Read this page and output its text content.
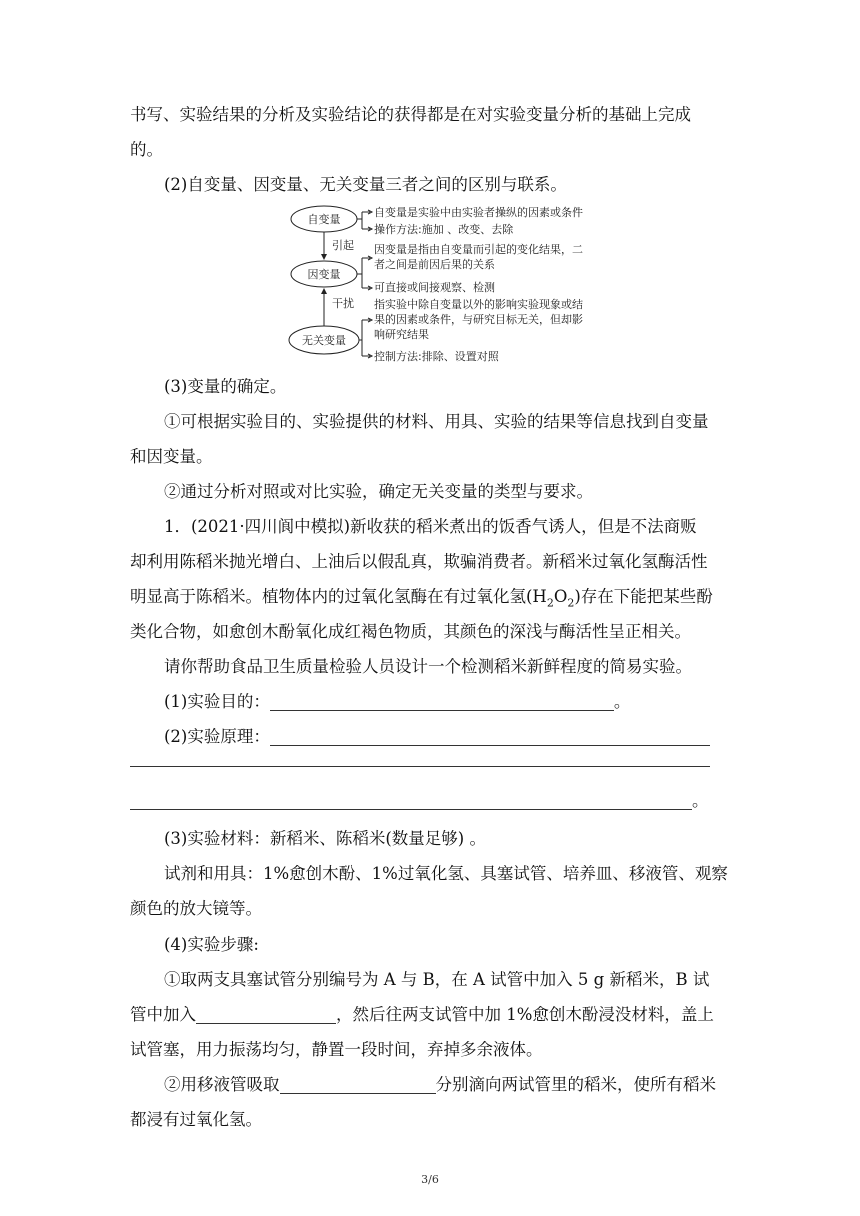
书写、实验结果的分析及实验结论的获得都是在对实验变量分析的基础上完成

的。

(2)自变量、因变量、无关变量三者之间的区别与联系。

自变量
因变量
无关变量
引起
干扰
自变量是实验中由实验者操纵的因素或条件
操作方法:施加 、改变、去除
因变量是指由自变量而引起的变化结果，二
者之间是前因后果的关系
可直接或间接观察、检测
指实验中除自变量以外的影响实验现象或结
果的因素或条件，与研究目标无关，但却影
响研究结果
控制方法:排除、设置对照

(3)变量的确定。

①可根据实验目的、实验提供的材料、用具、实验的结果等信息找到自变量

和因变量。

②通过分析对照或对比实验，确定无关变量的类型与要求。

1．(2021·四川阆中模拟)新收获的稻米煮出的饭香气诱人，但是不法商贩

却利用陈稻米抛光增白、上油后以假乱真，欺骗消费者。新稻米过氧化氢酶活性

明显高于陈稻米。植物体内的过氧化氢酶在有过氧化氢$(H_2O_2)$存在下能把某些酚

类化合物，如愈创木酚氧化成红褐色物质，其颜色的深浅与酶活性呈正相关。

请你帮助食品卫生质量检验人员设计一个检测稻米新鲜程度的简易实验。

(1)实验目的：	。

(2)实验原理：

。

(3)实验材料：新稻米、陈稻米(数量足够) 。

试剂和用具：1%愈创木酚、1%过氧化氢、具塞试管、培养皿、移液管、观察

颜色的放大镜等。

(4)实验步骤:

①取两支具塞试管分别编号为 A 与 B，在 A 试管中加入 5 g 新稻米，B 试

管中加入	，然后往两支试管中加 1%愈创木酚浸没材料，盖上

试管塞，用力振荡均匀，静置一段时间，弃掉多余液体。

②用移液管吸取	分别滴向两试管里的稻米，使所有稻米

都浸有过氧化氢。

3/6
